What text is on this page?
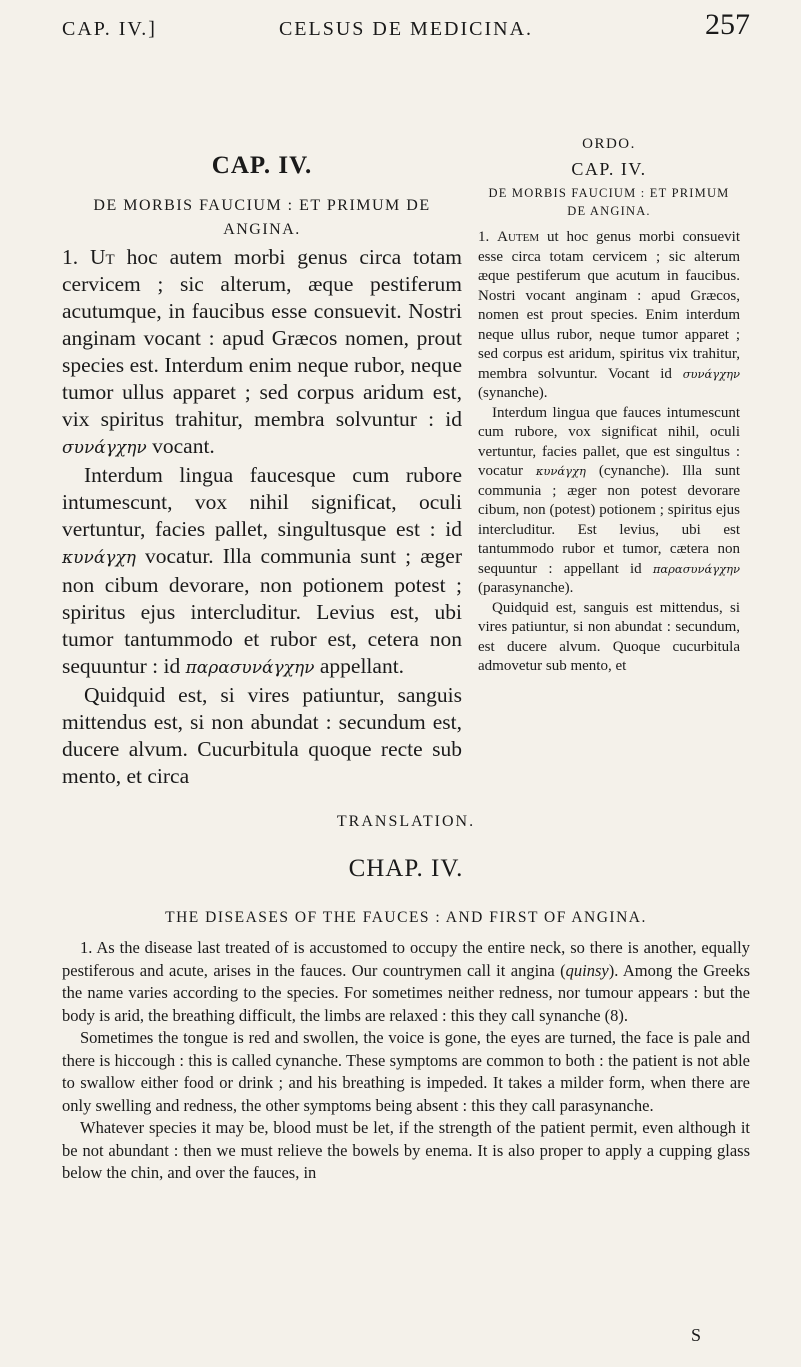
CAP. IV.]	CELSUS DE MEDICINA.	257
CAP. IV.
DE MORBIS FAUCIUM : ET PRIMUM DE ANGINA.

1. Ut hoc autem morbi genus circa totam cervicem ; sic alterum, æque pestiferum acutumque, in faucibus esse consuevit. Nostri anginam vocant : apud Græcos nomen, prout species est. Interdum enim neque rubor, neque tumor ullus apparet ; sed corpus aridum est, vix spiritus trahitur, membra solvuntur : id συνάγχην vocant.

Interdum lingua faucesque cum rubore intumescunt, vox nihil significat, oculi vertuntur, facies pallet, singultusque est : id κυνάγχη vocatur. Illa communia sunt ; æger non cibum devorare, non potionem potest ; spiritus ejus intercluditur. Levius est, ubi tumor tantummodo et rubor est, cetera non sequuntur : id παρασυνάγχην appellant.

Quidquid est, si vires patiuntur, sanguis mittendus est, si non abundat : secundum est, ducere alvum. Cucurbitula quoque recte sub mento, et circa

ORDO.
CAP. IV.
DE MORBIS FAUCIUM : ET PRIMUM DE ANGINA.

1. Autem ut hoc genus morbi consuevit esse circa totam cervicem ; sic alterum æque pestiferum que acutum in faucibus. Nostri vocant anginam : apud Græcos, nomen est prout species. Enim interdum neque ullus rubor, neque tumor apparet ; sed corpus est aridum, spiritus vix trahitur, membra solvuntur. Vocant id συνάγχην (synanche).

Interdum lingua que fauces intumescunt cum rubore, vox significat nihil, oculi vertuntur, facies pallet, que est singultus : vocatur κυνάγχη (cynanche). Illa sunt communia ; æger non potest devorare cibum, non (potest) potionem ; spiritus ejus intercluditur. Est levius, ubi est tantummodo rubor et tumor, cætera non sequuntur : appellant id παρασυνάγχην (parasynanche).

Quidquid est, sanguis est mittendus, si vires patiuntur, si non abundat : secundum, est ducere alvum. Quoque cucurbitula admovetur sub mento, et

TRANSLATION.
CHAP. IV.
THE DISEASES OF THE FAUCES : AND FIRST OF ANGINA.

1. As the disease last treated of is accustomed to occupy the entire neck, so there is another, equally pestiferous and acute, arises in the fauces. Our countrymen call it angina (quinsy). Among the Greeks the name varies according to the species. For sometimes neither redness, nor tumour appears : but the body is arid, the breathing difficult, the limbs are relaxed : this they call synanche (8).

Sometimes the tongue is red and swollen, the voice is gone, the eyes are turned, the face is pale and there is hiccough : this is called cynanche. These symptoms are common to both : the patient is not able to swallow either food or drink ; and his breathing is impeded. It takes a milder form, when there are only swelling and redness, the other symptoms being absent : this they call parasynanche.

Whatever species it may be, blood must be let, if the strength of the patient permit, even although it be not abundant : then we must relieve the bowels by enema. It is also proper to apply a cupping glass below the chin, and over the fauces, in

S
